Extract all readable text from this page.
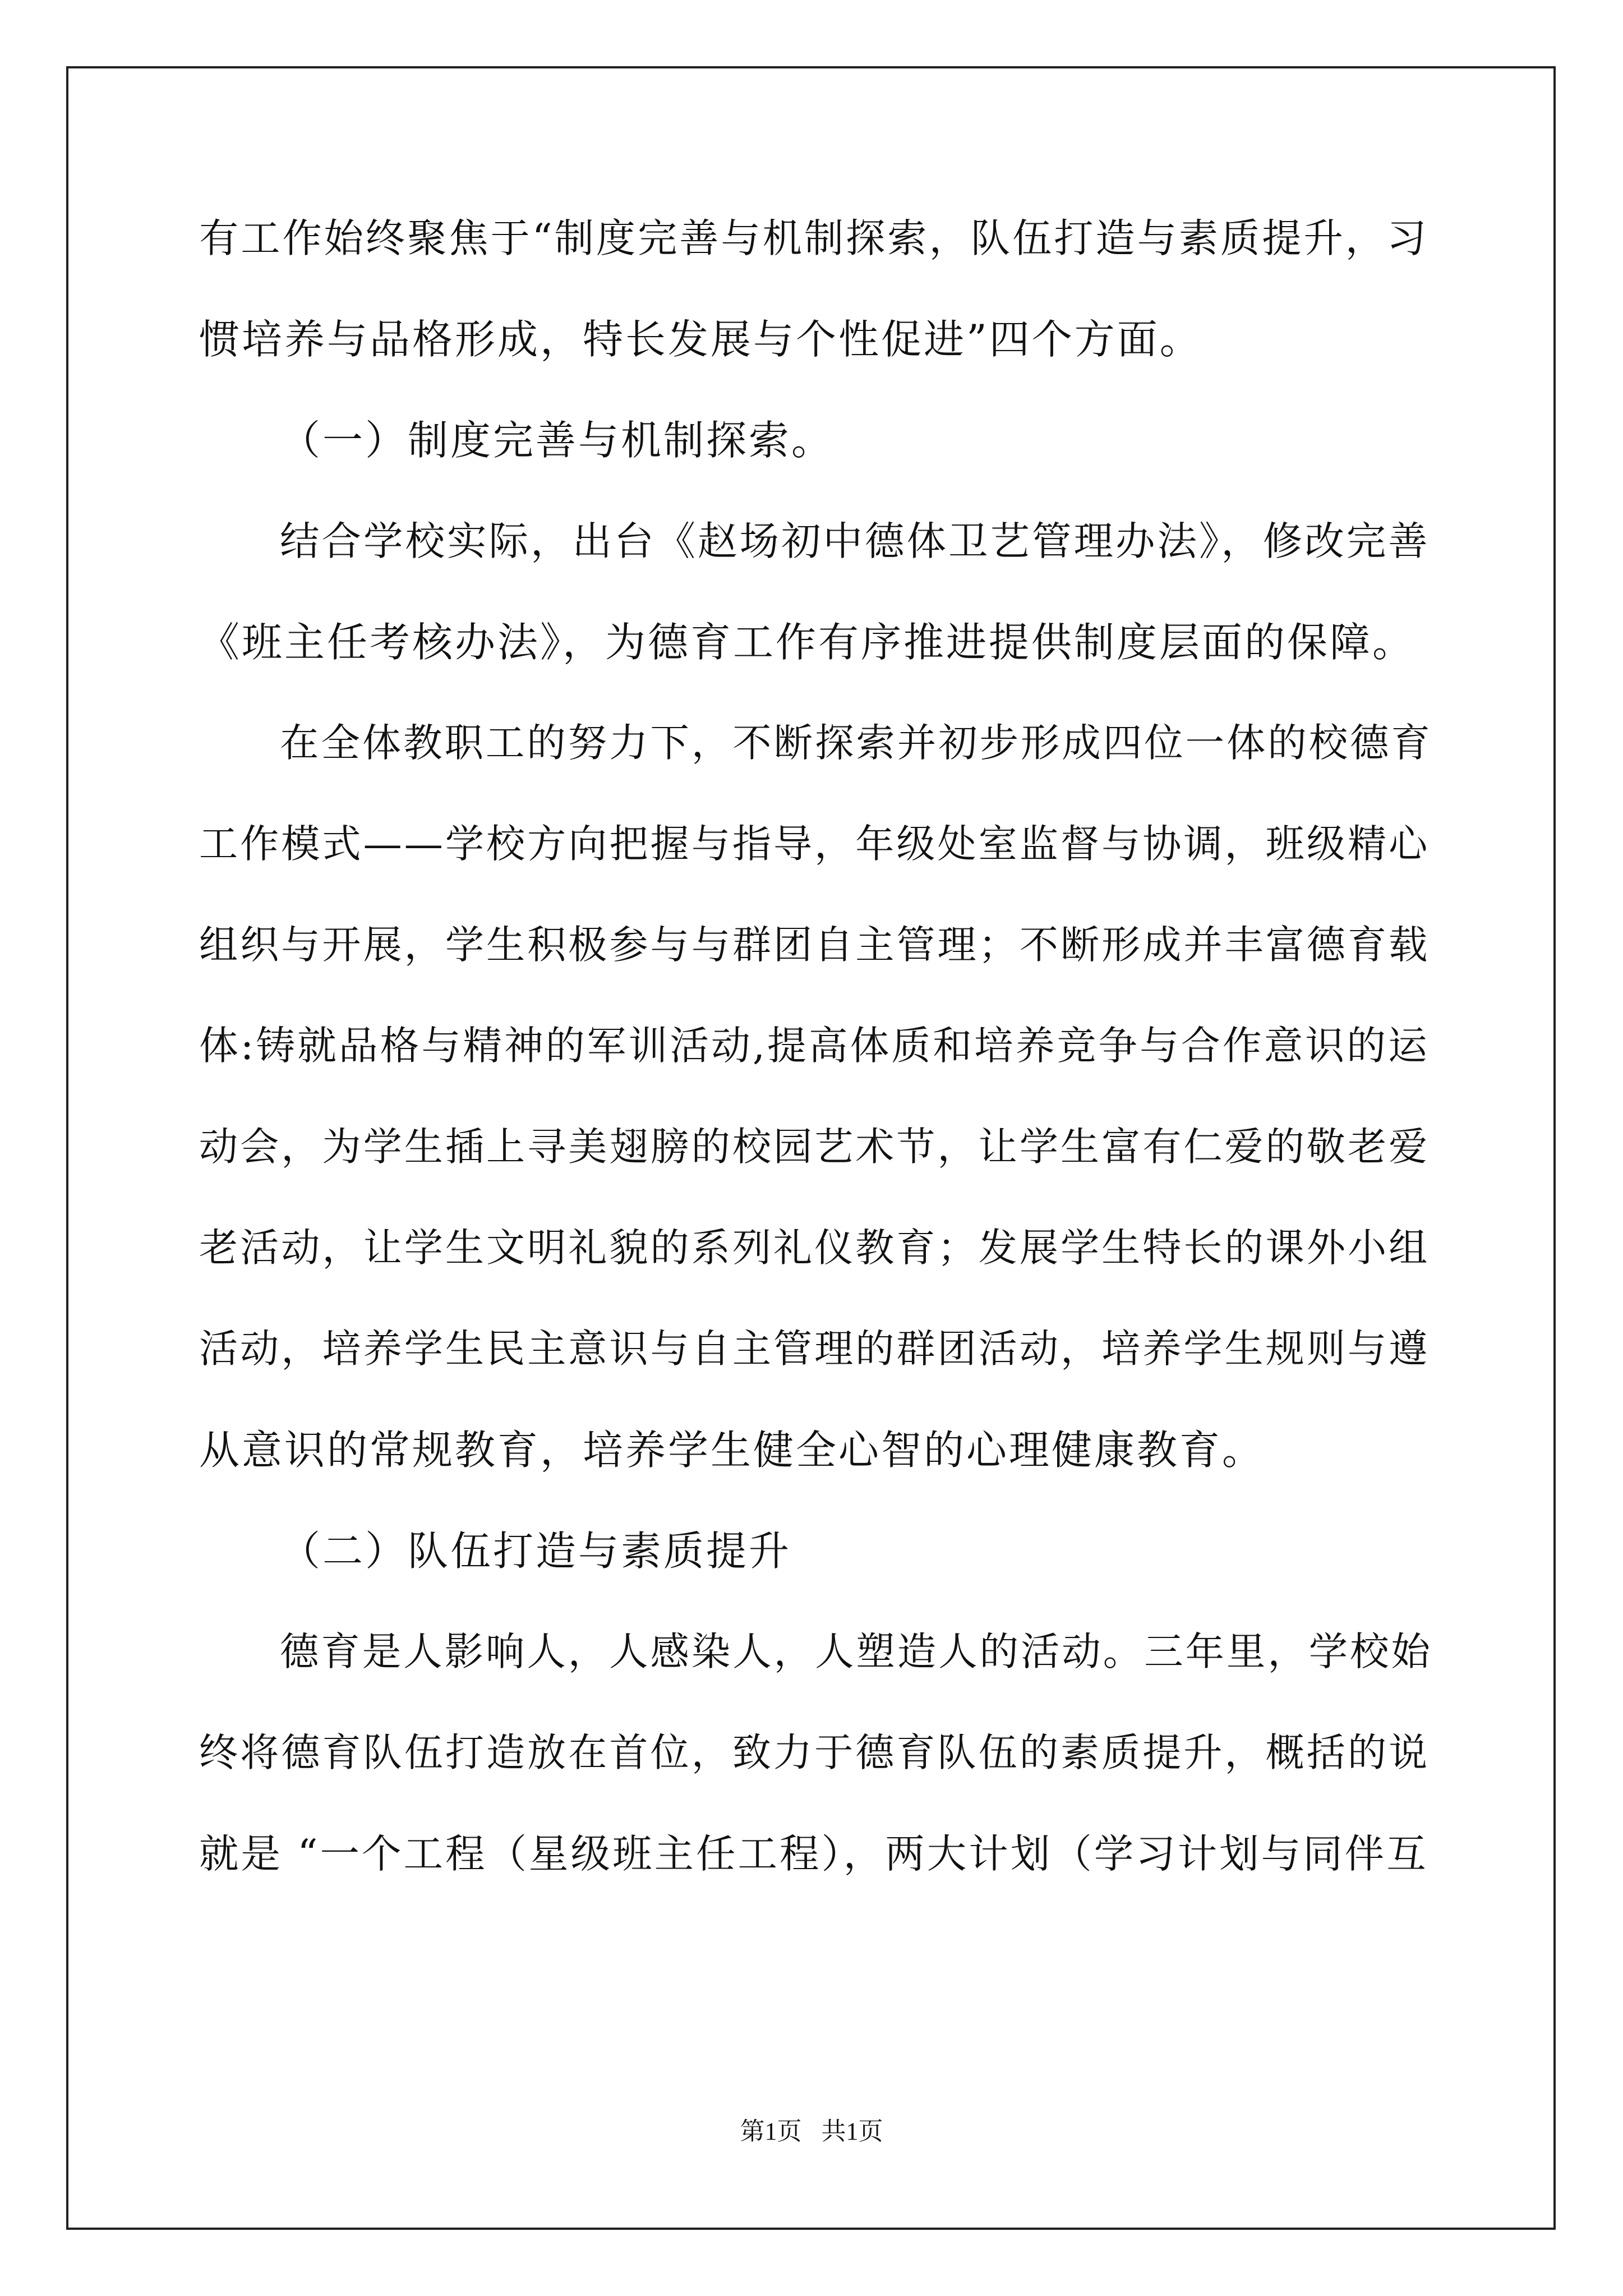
有工作始终聚焦于“制度完善与机制探索，队伍打造与素质提升，习
惯培养与品格形成，特长发展与个性促进”四个方面。
（一）制度完善与机制探索。
结合学校实际，出台《赵场初中德体卫艺管理办法》，修改完善
《班主任考核办法》，为德育工作有序推进提供制度层面的保障。
在全体教职工的努力下，不断探索并初步形成四位一体的校德育
工作模式——学校方向把握与指导，年级处室监督与协调，班级精心
组织与开展，学生积极参与与群团自主管理；不断形成并丰富德育载
体:铸就品格与精神的军训活动,提高体质和培养竞争与合作意识的运
动会，为学生插上寻美翅膀的校园艺术节，让学生富有仁爱的敬老爱
老活动，让学生文明礼貌的系列礼仪教育；发展学生特长的课外小组
活动，培养学生民主意识与自主管理的群团活动，培养学生规则与遵
从意识的常规教育，培养学生健全心智的心理健康教育。
（二）队伍打造与素质提升
德育是人影响人，人感染人，人塑造人的活动。三年里，学校始
终将德育队伍打造放在首位，致力于德育队伍的素质提升，概括的说
就是 “一个工程（星级班主任工程），两大计划（学习计划与同伴互
第1页 共1页
